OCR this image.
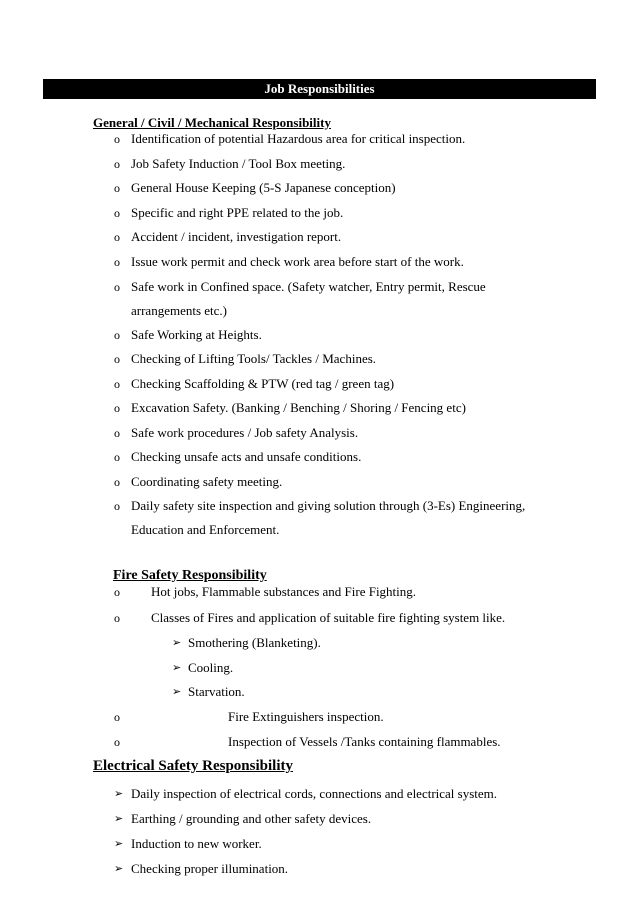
Job Responsibilities
General / Civil / Mechanical Responsibility
o Identification of potential Hazardous area for critical inspection.
o Job Safety Induction / Tool Box meeting.
o General House Keeping (5-S Japanese conception)
o Specific and right PPE related to the job.
o Accident / incident, investigation report.
o Issue work permit and check work area before start of the work.
o Safe work in Confined space. (Safety watcher, Entry permit, Rescue
arrangements etc.)
o Safe Working at Heights.
o Checking of Lifting Tools/ Tackles / Machines.
o Checking Scaffolding & PTW (red tag / green tag)
o Excavation Safety. (Banking / Benching / Shoring / Fencing etc)
o Safe work procedures / Job safety Analysis.
o Checking unsafe acts and unsafe conditions.
o Coordinating safety meeting.
o Daily safety site inspection and giving solution through (3-Es) Engineering,
Education and Enforcement.
Fire Safety Responsibility
o Hot jobs, Flammable substances and Fire Fighting.
o Classes of Fires and application of suitable fire fighting system like.
➢ Smothering (Blanketing).
➢ Cooling.
➢ Starvation.
o	Fire Extinguishers inspection.
o	Inspection of Vessels /Tanks containing flammables.
Electrical Safety Responsibility
➢ Daily inspection of electrical cords, connections and electrical system.
➢ Earthing / grounding and other safety devices.
➢ Induction to new worker.
➢ Checking proper illumination.
